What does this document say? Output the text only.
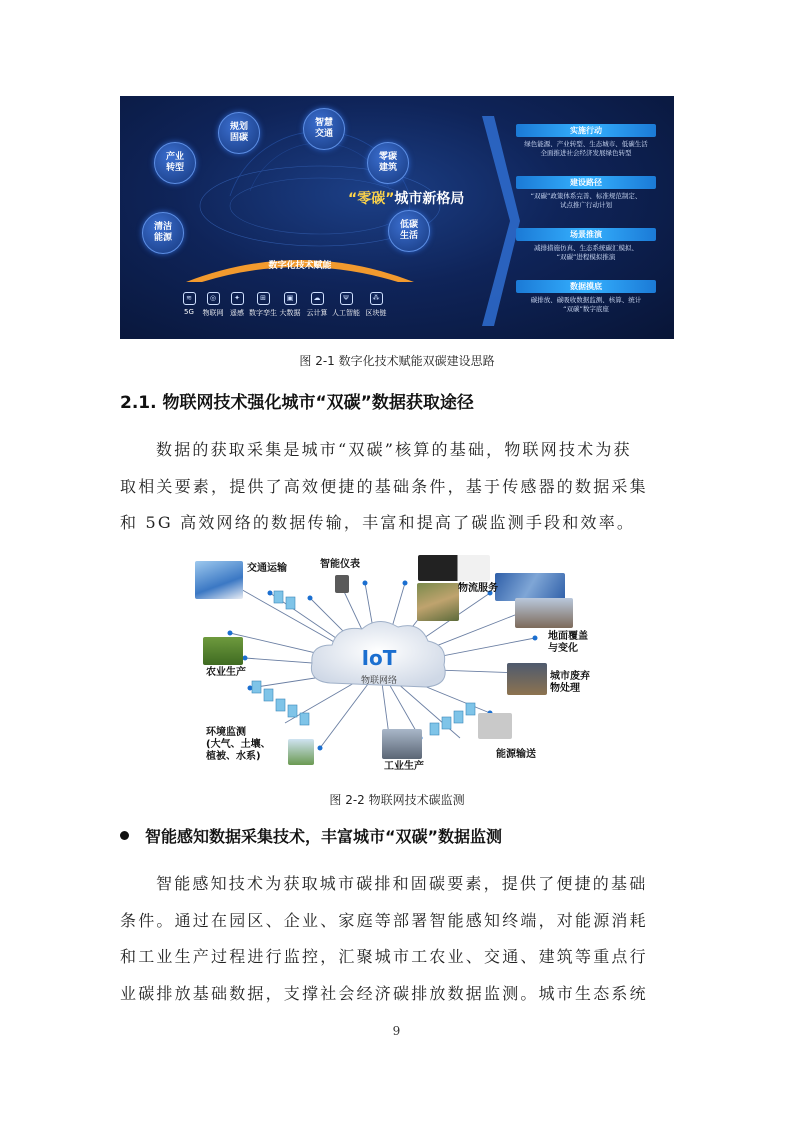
规划
固碳
智慧
交通
产业
转型
零碳
建筑
清洁
能源
低碳
生活
“零碳”城市新格局
数字化技术赋能
≋
5G
◎
物联网
✦
遥感
⊞
数字孪生
▣
大数据
☁
云计算
Ψ
人工智能
⁂
区块链
实施行动
绿色能源、产业转型、生态城市、低碳生活
全面推进社会经济发展绿色转型
建设路径
“双碳”政策体系完善、标准规范制定、
试点推广行动计划
场景推演
减排措施仿真、生态系统碳汇模拟、
“双碳”进程模拟推演
数据摸底
碳排放、碳吸收数据监测、核算、统计
“双碳”数字底座
图 2-1 数字化技术赋能双碳建设思路
2.1. 物联网技术强化城市“双碳”数据获取途径
数据的获取采集是城市“双碳”核算的基础，物联网技术为获
取相关要素，提供了高效便捷的基础条件，基于传感器的数据采集
和 5G 高效网络的数据传输，丰富和提高了碳监测手段和效率。
IoT
物联网络
交通运输	智能仪表
物流服务
地面覆盖
与变化
农业生产	城市废弃
物处理
环境监测
(大气、土壤、
植被、水系)
工业生产
能源输送
图 2-2 物联网技术碳监测
智能感知数据采集技术，丰富城市“双碳”数据监测
智能感知技术为获取城市碳排和固碳要素，提供了便捷的基础
条件。通过在园区、企业、家庭等部署智能感知终端，对能源消耗
和工业生产过程进行监控，汇聚城市工农业、交通、建筑等重点行
业碳排放基础数据，支撑社会经济碳排放数据监测。城市生态系统
9
